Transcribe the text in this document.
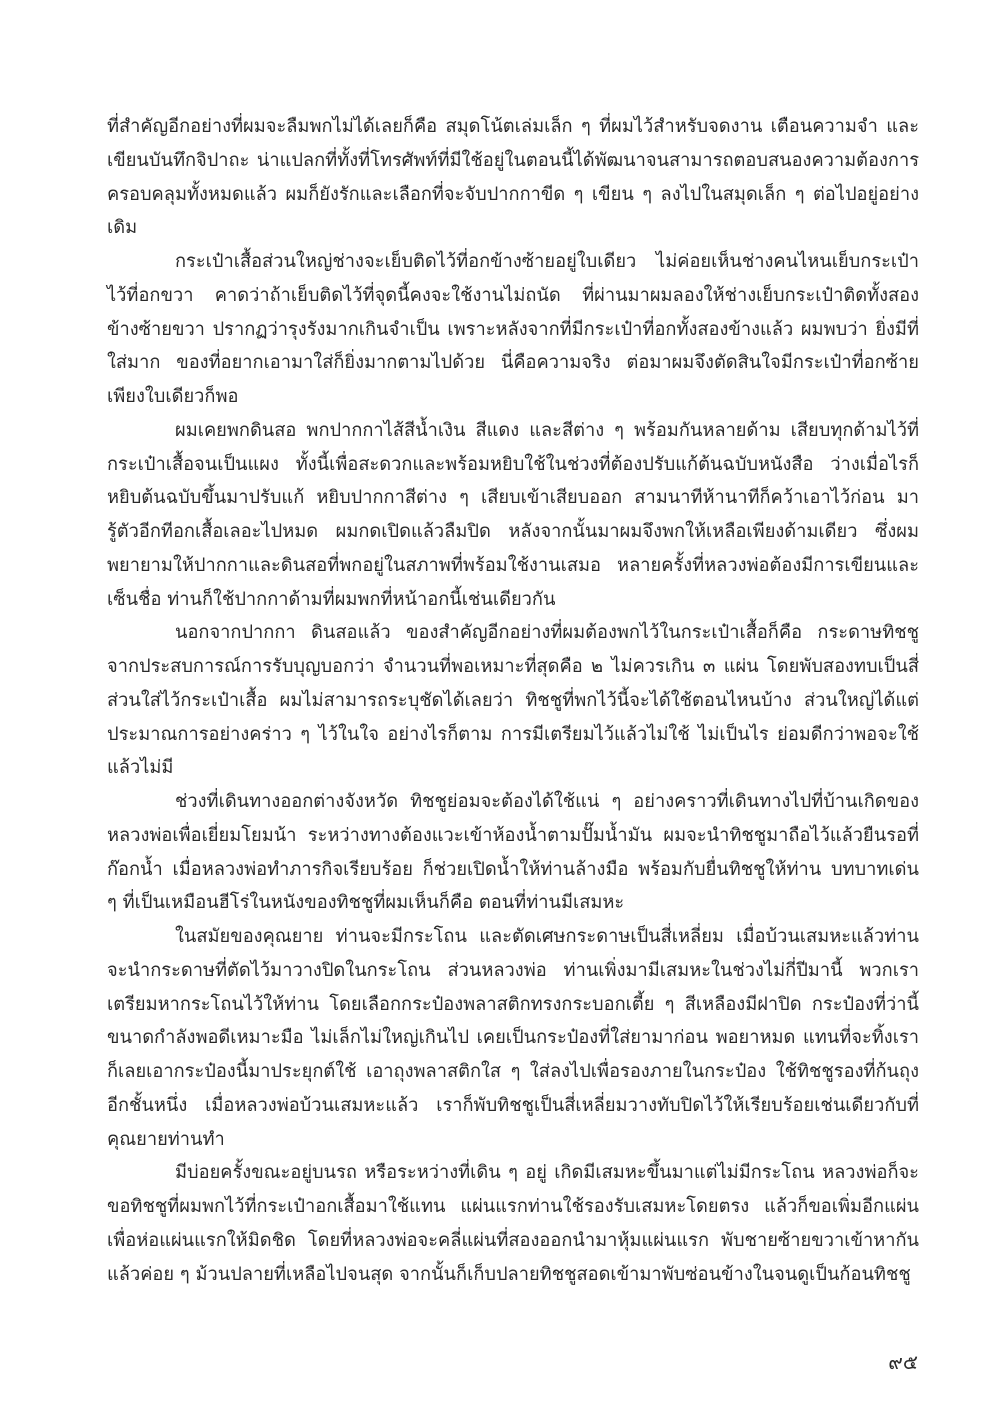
ที่สำคัญอีกอย่างที่ผมจะลืมพกไม่ได้เลยก็คือ สมุดโน้ตเล่มเล็ก ๆ ที่ผมไว้สำหรับจดงาน เตือนความจำ และเขียนบันทึกจิปาถะ น่าแปลกที่ทั้งที่โทรศัพท์ที่มีใช้อยู่ในตอนนี้ได้พัฒนาจนสามารถตอบสนองความต้องการครอบคลุมทั้งหมดแล้ว ผมก็ยังรักและเลือกที่จะจับปากกาขีด ๆ เขียน ๆ ลงไปในสมุดเล็ก ๆ ต่อไปอยู่อย่างเดิม

กระเป๋าเสื้อส่วนใหญ่ช่างจะเย็บติดไว้ที่อกข้างซ้ายอยู่ใบเดียว ไม่ค่อยเห็นช่างคนไหนเย็บกระเป๋าไว้ที่อกขวา คาดว่าถ้าเย็บติดไว้ที่จุดนี้คงจะใช้งานไม่ถนัด ที่ผ่านมาผมลองให้ช่างเย็บกระเป๋าติดทั้งสองข้างซ้ายขวา ปรากฏว่ารุงรังมากเกินจำเป็น เพราะหลังจากที่มีกระเป๋าที่อกทั้งสองข้างแล้ว ผมพบว่า ยิ่งมีที่ใส่มาก ของที่อยากเอามาใส่ก็ยิ่งมากตามไปด้วย นี่คือความจริง ต่อมาผมจึงตัดสินใจมีกระเป๋าที่อกซ้ายเพียงใบเดียวก็พอ

ผมเคยพกดินสอ พกปากกาไส้สีน้ำเงิน สีแดง และสีต่าง ๆ พร้อมกันหลายด้าม เสียบทุกด้ามไว้ที่กระเป๋าเสื้อจนเป็นแผง ทั้งนี้เพื่อสะดวกและพร้อมหยิบใช้ในช่วงที่ต้องปรับแก้ต้นฉบับหนังสือ ว่างเมื่อไรก็หยิบต้นฉบับขึ้นมาปรับแก้ หยิบปากกาสีต่าง ๆ เสียบเข้าเสียบออก สามนาทีห้านาทีก็คว้าเอาไว้ก่อน มารู้ตัวอีกทีอกเสื้อเลอะไปหมด ผมกดเปิดแล้วลืมปิด หลังจากนั้นมาผมจึงพกให้เหลือเพียงด้ามเดียว ซึ่งผมพยายามให้ปากกาและดินสอที่พกอยู่ในสภาพที่พร้อมใช้งานเสมอ หลายครั้งที่หลวงพ่อต้องมีการเขียนและเซ็นชื่อ ท่านก็ใช้ปากกาด้ามที่ผมพกที่หน้าอกนี้เช่นเดียวกัน

นอกจากปากกา ดินสอแล้ว ของสำคัญอีกอย่างที่ผมต้องพกไว้ในกระเป๋าเสื้อก็คือ กระดาษทิชชูจากประสบการณ์การรับบุญบอกว่า จำนวนที่พอเหมาะที่สุดคือ ๒ ไม่ควรเกิน ๓ แผ่น โดยพับสองทบเป็นสี่ส่วนใส่ไว้กระเป๋าเสื้อ ผมไม่สามารถระบุชัดได้เลยว่า ทิชชูที่พกไว้นี้จะได้ใช้ตอนไหนบ้าง ส่วนใหญ่ได้แต่ประมาณการอย่างคร่าว ๆ ไว้ในใจ อย่างไรก็ตาม การมีเตรียมไว้แล้วไม่ใช้ ไม่เป็นไร ย่อมดีกว่าพอจะใช้แล้วไม่มี

ช่วงที่เดินทางออกต่างจังหวัด ทิชชูย่อมจะต้องได้ใช้แน่ ๆ อย่างคราวที่เดินทางไปที่บ้านเกิดของหลวงพ่อเพื่อเยี่ยมโยมน้า ระหว่างทางต้องแวะเข้าห้องน้ำตามปั๊มน้ำมัน ผมจะนำทิชชูมาถือไว้แล้วยืนรอที่ก๊อกน้ำ เมื่อหลวงพ่อทำภารกิจเรียบร้อย ก็ช่วยเปิดน้ำให้ท่านล้างมือ พร้อมกับยื่นทิชชูให้ท่าน บทบาทเด่น ๆ ที่เป็นเหมือนฮีโร่ในหนังของทิชชูที่ผมเห็นก็คือ ตอนที่ท่านมีเสมหะ

ในสมัยของคุณยาย ท่านจะมีกระโถน และตัดเศษกระดาษเป็นสี่เหลี่ยม เมื่อบ้วนเสมหะแล้วท่านจะนำกระดาษที่ตัดไว้มาวางปิดในกระโถน ส่วนหลวงพ่อ ท่านเพิ่งมามีเสมหะในช่วงไม่กี่ปีมานี้ พวกเราเตรียมหากระโถนไว้ให้ท่าน โดยเลือกกระป๋องพลาสติกทรงกระบอกเตี้ย ๆ สีเหลืองมีฝาปิด กระป๋องที่ว่านี้ขนาดกำลังพอดีเหมาะมือ ไม่เล็กไม่ใหญ่เกินไป เคยเป็นกระป๋องที่ใส่ยามาก่อน พอยาหมด แทนที่จะทิ้งเราก็เลยเอากระป๋องนี้มาประยุกต์ใช้ เอาถุงพลาสติกใส ๆ ใส่ลงไปเพื่อรองภายในกระป๋อง ใช้ทิชชูรองที่ก้นถุง อีกชั้นหนึ่ง เมื่อหลวงพ่อบ้วนเสมหะแล้ว เราก็พับทิชชูเป็นสี่เหลี่ยมวางทับปิดไว้ให้เรียบร้อยเช่นเดียวกับที่คุณยายท่านทำ

มีบ่อยครั้งขณะอยู่บนรถ หรือระหว่างที่เดิน ๆ อยู่ เกิดมีเสมหะขึ้นมาแต่ไม่มีกระโถน หลวงพ่อก็จะขอทิชชูที่ผมพกไว้ที่กระเป๋าอกเสื้อมาใช้แทน แผ่นแรกท่านใช้รองรับเสมหะโดยตรง แล้วก็ขอเพิ่มอีกแผ่นเพื่อห่อแผ่นแรกให้มิดชิด โดยที่หลวงพ่อจะคลี่แผ่นที่สองออกนำมาหุ้มแผ่นแรก พับชายซ้ายขวาเข้าหากันแล้วค่อย ๆ ม้วนปลายที่เหลือไปจนสุด จากนั้นก็เก็บปลายทิชชูสอดเข้ามาพับซ่อนข้างในจนดูเป็นก้อนทิชชู

๙๕
